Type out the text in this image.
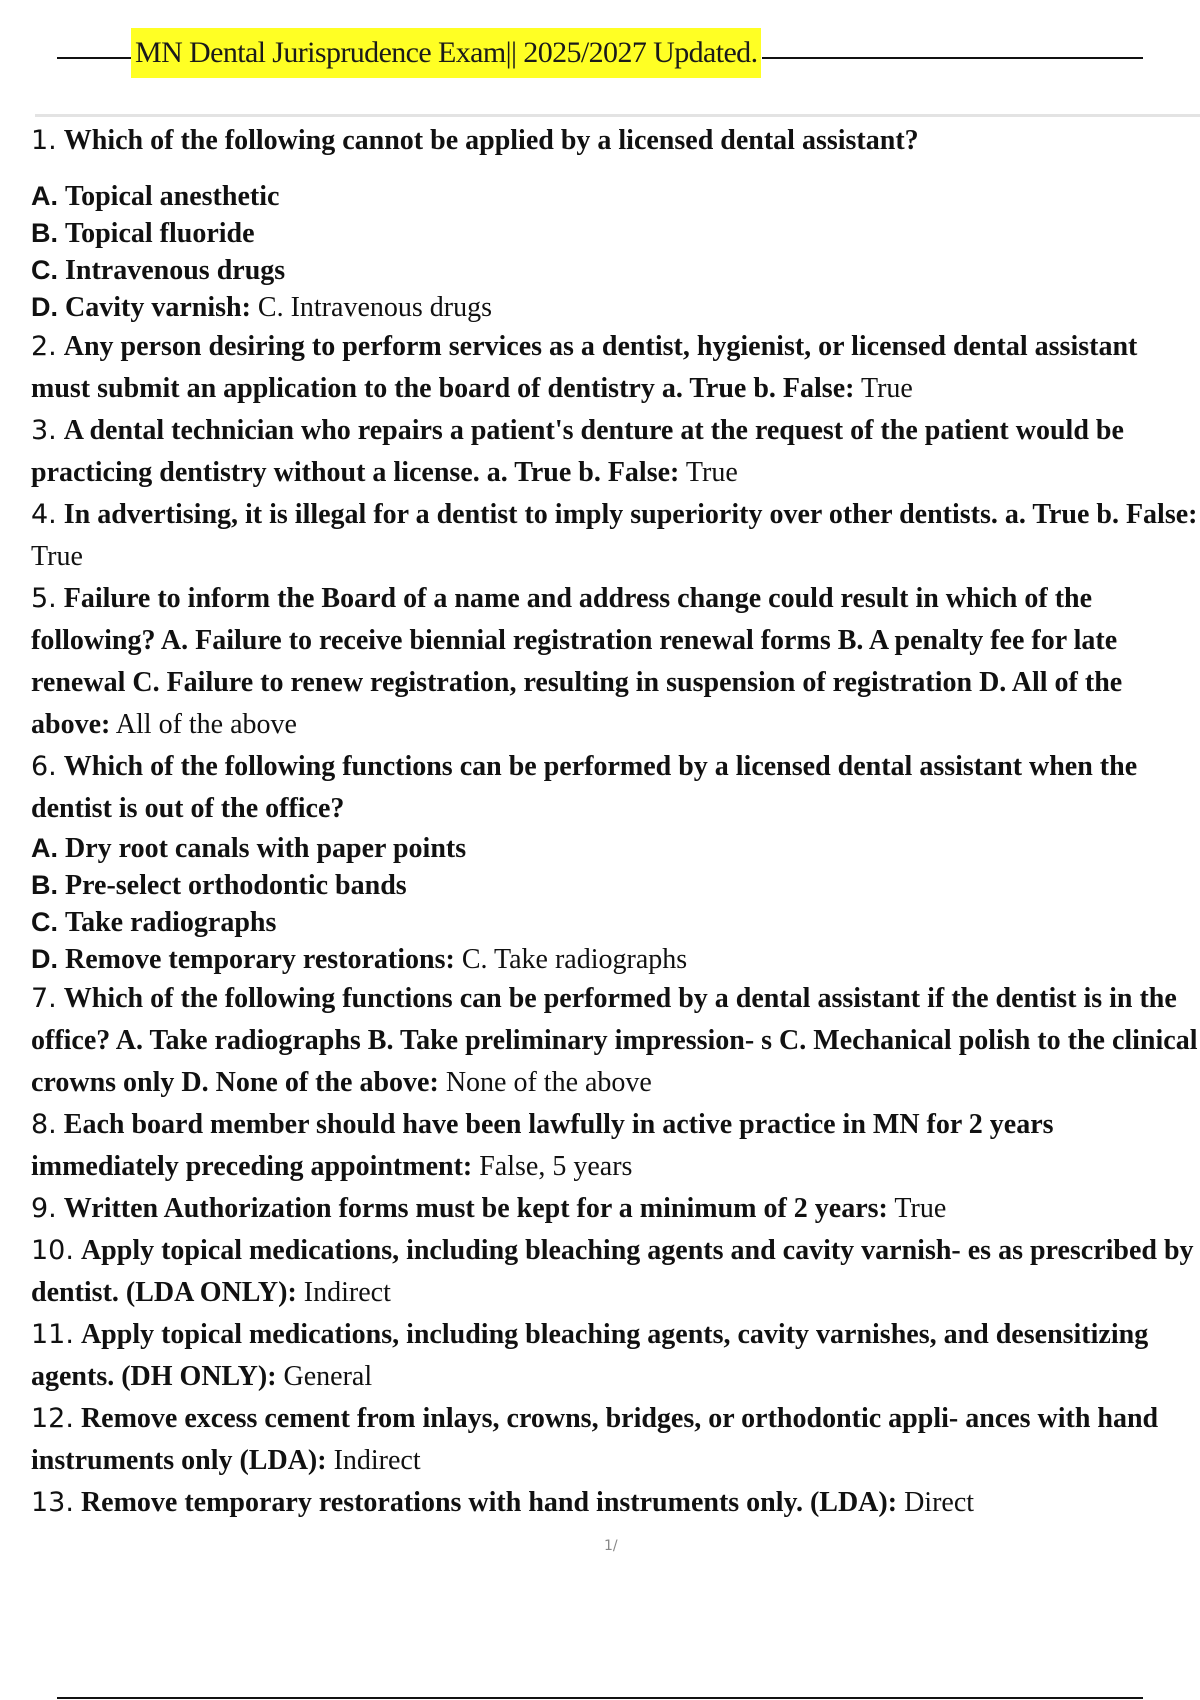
MN Dental Jurisprudence Exam|| 2025/2027 Updated.

1. Which of the following cannot be applied by a licensed dental assistant?

A. Topical anesthetic
B. Topical fluoride
C. Intravenous drugs
D. Cavity varnish: C. Intravenous drugs

2. Any person desiring to perform services as a dentist, hygienist, or licensed dental assistant must submit an application to the board of dentistry a. True b. False: True

3. A dental technician who repairs a patient's denture at the request of the patient would be practicing dentistry without a license. a. True b. False: True

4. In advertising, it is illegal for a dentist to imply superiority over other dentists. a. True b. False: True

5. Failure to inform the Board of a name and address change could result in which of the following? A. Failure to receive biennial registration renewal forms B. A penalty fee for late renewal C. Failure to renew registration, resulting in suspension of registration D. All of the above: All of the above

6. Which of the following functions can be performed by a licensed dental assistant when the dentist is out of the office?

A. Dry root canals with paper points
B. Pre-select orthodontic bands
C. Take radiographs
D. Remove temporary restorations: C. Take radiographs

7. Which of the following functions can be performed by a dental assistant if the dentist is in the office? A. Take radiographs B. Take preliminary impression- s C. Mechanical polish to the clinical crowns only D. None of the above: None of the above

8. Each board member should have been lawfully in active practice in MN for 2 years immediately preceding appointment: False, 5 years

9. Written Authorization forms must be kept for a minimum of 2 years: True

10. Apply topical medications, including bleaching agents and cavity varnish- es as prescribed by dentist. (LDA ONLY): Indirect

11. Apply topical medications, including bleaching agents, cavity varnishes, and desensitizing agents. (DH ONLY): General

12. Remove excess cement from inlays, crowns, bridges, or orthodontic appli- ances with hand instruments only (LDA): Indirect

13. Remove temporary restorations with hand instruments only. (LDA): Direct

1/
